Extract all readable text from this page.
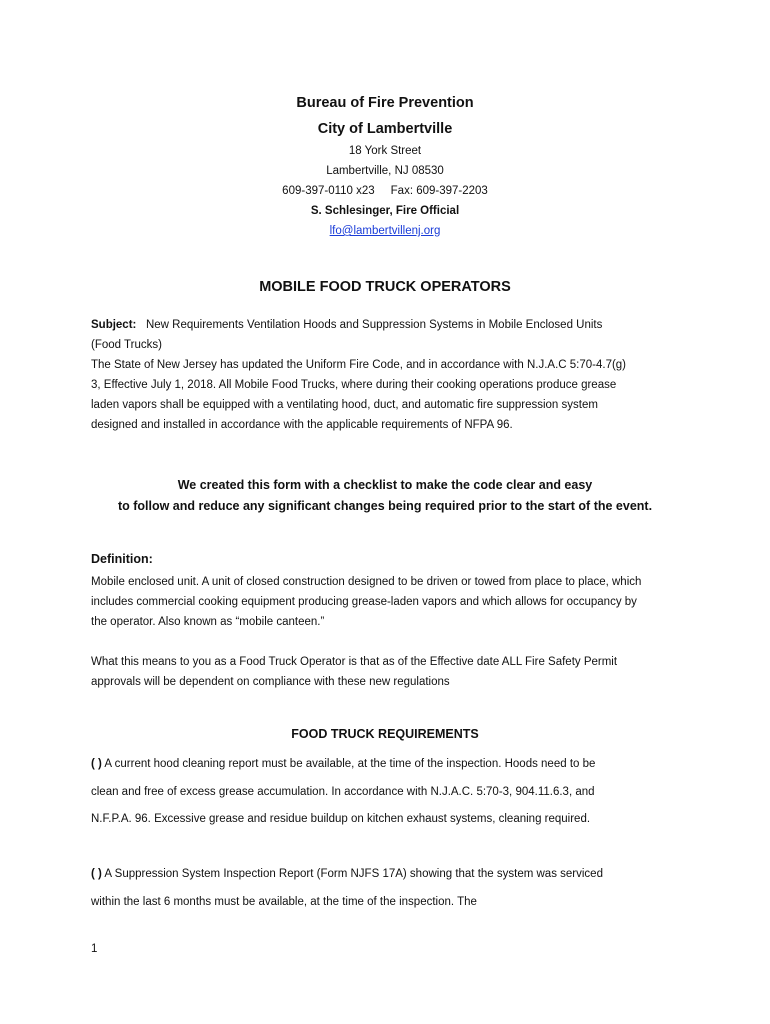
Bureau of Fire Prevention
City of Lambertville
18 York Street
Lambertville, NJ 08530
609-397-0110 x23     Fax: 609-397-2203
S. Schlesinger, Fire Official
lfo@lambertvillenj.org
MOBILE FOOD TRUCK OPERATORS
Subject: New Requirements Ventilation Hoods and Suppression Systems in Mobile Enclosed Units (Food Trucks)
The State of New Jersey has updated the Uniform Fire Code, and in accordance with N.J.A.C 5:70-4.7(g) 3, Effective July 1, 2018. All Mobile Food Trucks, where during their cooking operations produce grease laden vapors shall be equipped with a ventilating hood, duct, and automatic fire suppression system designed and installed in accordance with the applicable requirements of NFPA 96.
We created this form with a checklist to make the code clear and easy
to follow and reduce any significant changes being required prior to the start of the event.
Definition:
Mobile enclosed unit. A unit of closed construction designed to be driven or towed from place to place, which includes commercial cooking equipment producing grease-laden vapors and which allows for occupancy by the operator. Also known as “mobile canteen.”
What this means to you as a Food Truck Operator is that as of the Effective date ALL Fire Safety Permit approvals will be dependent on compliance with these new regulations
FOOD TRUCK REQUIREMENTS
( ) A current hood cleaning report must be available, at the time of the inspection. Hoods need to be clean and free of excess grease accumulation. In accordance with N.J.A.C. 5:70-3, 904.11.6.3, and N.F.P.A. 96. Excessive grease and residue buildup on kitchen exhaust systems, cleaning required.
( ) A Suppression System Inspection Report (Form NJFS 17A) showing that the system was serviced within the last 6 months must be available, at the time of the inspection. The
1
